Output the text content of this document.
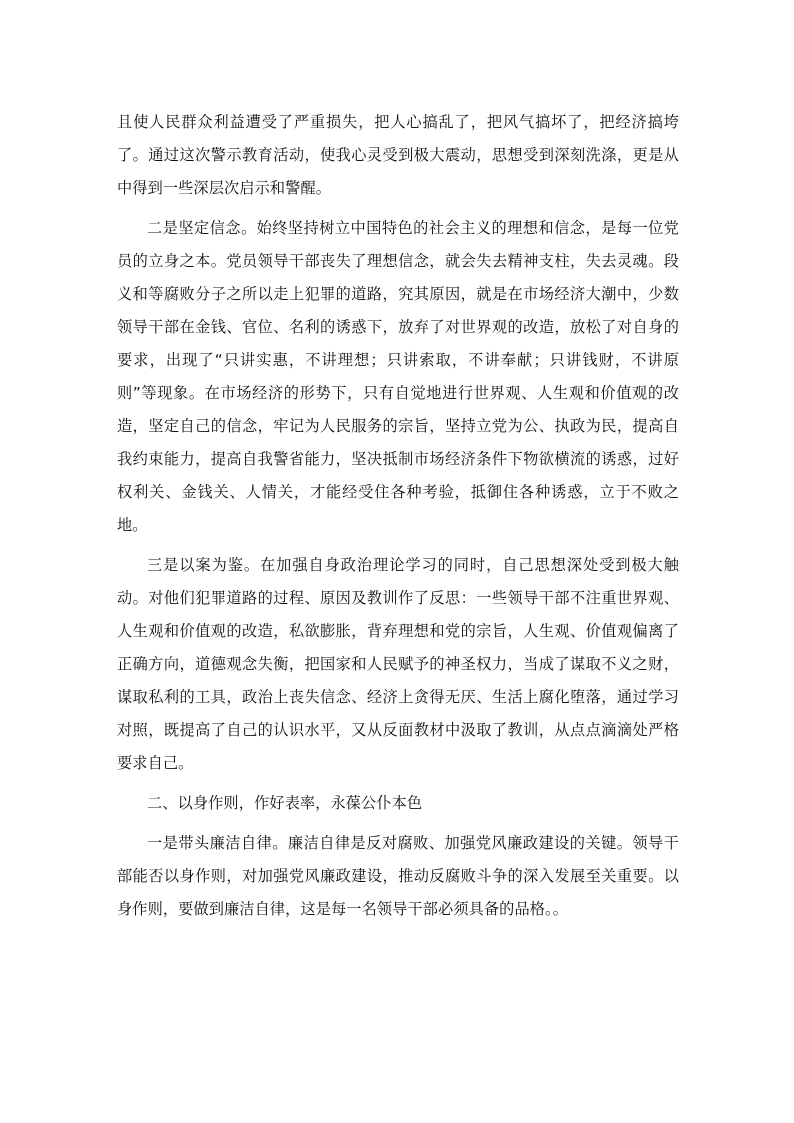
且使人民群众利益遭受了严重损失，把人心搞乱了，把风气搞坏了，把经济搞垮了。通过这次警示教育活动，使我心灵受到极大震动，思想受到深刻洗涤，更是从中得到一些深层次启示和警醒。

二是坚定信念。始终坚持树立中国特色的社会主义的理想和信念，是每一位党员的立身之本。党员领导干部丧失了理想信念，就会失去精神支柱，失去灵魂。段义和等腐败分子之所以走上犯罪的道路，究其原因，就是在市场经济大潮中，少数领导干部在金钱、官位、名利的诱惑下，放弃了对世界观的改造，放松了对自身的要求，出现了“只讲实惠，不讲理想；只讲索取，不讲奉献；只讲钱财，不讲原则”等现象。在市场经济的形势下，只有自觉地进行世界观、人生观和价值观的改造，坚定自己的信念，牢记为人民服务的宗旨，坚持立党为公、执政为民，提高自我约束能力，提高自我警省能力，坚决抵制市场经济条件下物欲横流的诱惑，过好权利关、金钱关、人情关，才能经受住各种考验，抵御住各种诱惑，立于不败之地。

三是以案为鉴。在加强自身政治理论学习的同时，自己思想深处受到极大触动。对他们犯罪道路的过程、原因及教训作了反思：一些领导干部不注重世界观、人生观和价值观的改造，私欲膨胀，背弃理想和党的宗旨，人生观、价值观偏离了正确方向，道德观念失衡，把国家和人民赋予的神圣权力，当成了谋取不义之财，谋取私利的工具，政治上丧失信念、经济上贪得无厌、生活上腐化堕落，通过学习对照，既提高了自己的认识水平，又从反面教材中汲取了教训，从点点滴滴处严格要求自己。

二、以身作则，作好表率，永葆公仆本色

一是带头廉洁自律。廉洁自律是反对腐败、加强党风廉政建设的关键。领导干部能否以身作则，对加强党风廉政建设，推动反腐败斗争的深入发展至关重要。以身作则，要做到廉洁自律，这是每一名领导干部必须具备的品格。。
